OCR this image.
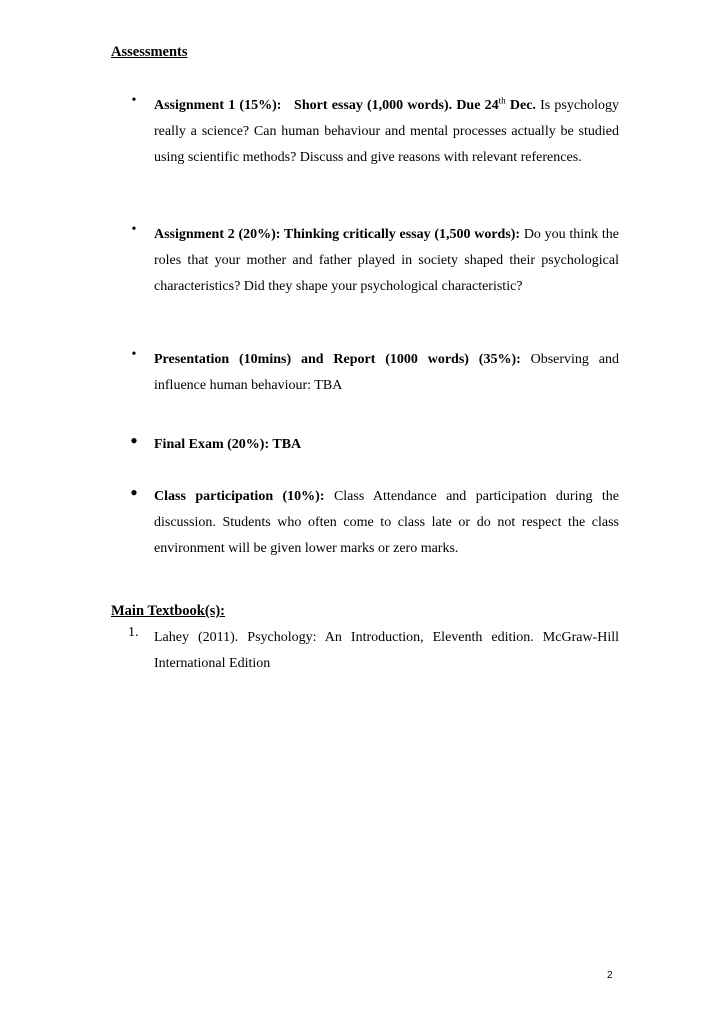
Assessments
• Assignment 1 (15%): Short essay (1,000 words). Due 24th Dec. Is psychology really a science? Can human behaviour and mental processes actually be studied using scientific methods? Discuss and give reasons with relevant references.
• Assignment 2 (20%): Thinking critically essay (1,500 words): Do you think the roles that your mother and father played in society shaped their psychological characteristics? Did they shape your psychological characteristic?
• Presentation (10mins) and Report (1000 words) (35%): Observing and influence human behaviour: TBA
• Final Exam (20%): TBA
• Class participation (10%): Class Attendance and participation during the discussion. Students who often come to class late or do not respect the class environment will be given lower marks or zero marks.
Main Textbook(s):
1. Lahey (2011). Psychology: An Introduction, Eleventh edition. McGraw-Hill International Edition
2
